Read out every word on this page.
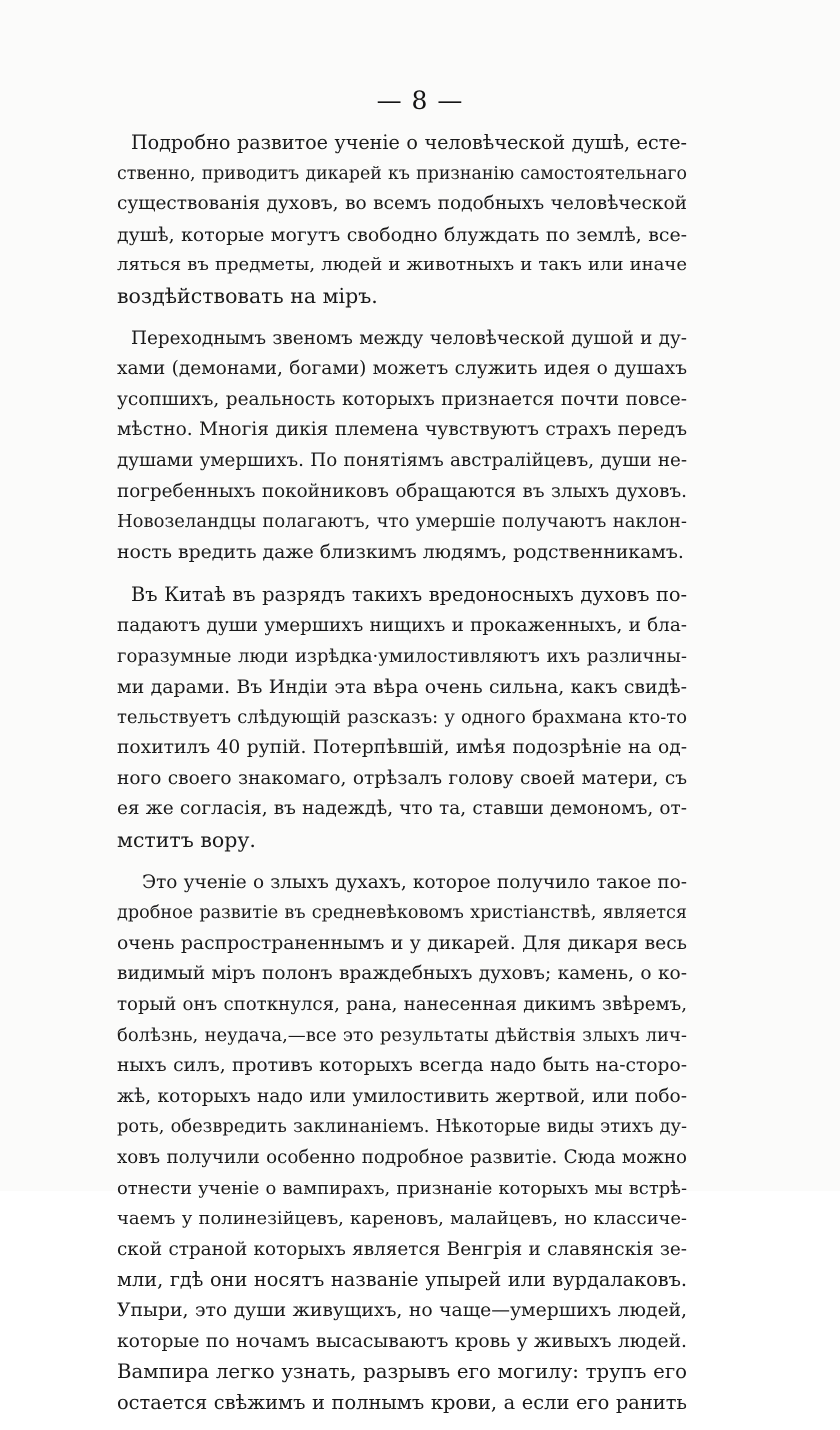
— 8 —
Подробно развитое ученіе о человѣческой душѣ, есте-
ственно, приводитъ дикарей къ признанію самостоятельнаго
существованія духовъ, во всемъ подобныхъ человѣческой
душѣ, которые могутъ свободно блуждать по землѣ, все-
ляться въ предметы, людей и животныхъ и такъ или иначе
воздѣйствовать на міръ.
Переходнымъ звеномъ между человѣческой душой и ду-
хами (демонами, богами) можетъ служить идея о душахъ
усопшихъ, реальность которыхъ признается почти повсе-
мѣстно. Многія дикія племена чувствуютъ страхъ передъ
душами умершихъ. По понятіямъ австралійцевъ, души не-
погребенныхъ покойниковъ обращаются въ злыхъ духовъ.
Новозеландцы полагаютъ, что умершіе получаютъ наклон-
ность вредить даже близкимъ людямъ, родственникамъ.
Въ Китаѣ въ разрядъ такихъ вредоносныхъ духовъ по-
падаютъ души умершихъ нищихъ и прокаженныхъ, и бла-
горазумные люди изрѣдка·умилостивляютъ ихъ различны-
ми дарами. Въ Индіи эта вѣра очень сильна, какъ свидѣ-
тельствуетъ слѣдующій разсказъ: у одного брахмана кто-то
похитилъ 40 рупій. Потерпѣвшій, имѣя подозрѣніе на од-
ного своего знакомаго, отрѣзалъ голову своей матери, съ
ея же согласія, въ надеждѣ, что та, ставши демономъ, от-
мститъ вору.
Это ученіе о злыхъ духахъ, которое получило такое по-
дробное развитіе въ средневѣковомъ христіанствѣ, является
очень распространеннымъ и у дикарей. Для дикаря весь
видимый міръ полонъ враждебныхъ духовъ; камень, о ко-
торый онъ споткнулся, рана, нанесенная дикимъ звѣремъ,
болѣзнь, неудача,—все это результаты дѣйствія злыхъ лич-
ныхъ силъ, противъ которыхъ всегда надо быть на-сторо-
жѣ, которыхъ надо или умилостивить жертвой, или побо-
роть, обезвредить заклинаніемъ. Нѣкоторые виды этихъ ду-
ховъ получили особенно подробное развитіе. Сюда можно
отнести ученіе о вампирахъ, признаніе которыхъ мы встрѣ-
чаемъ у полинезійцевъ, кареновъ, малайцевъ, но классиче-
ской страной которыхъ является Венгрія и славянскія зе-
мли, гдѣ они носятъ названіе упырей или вурдалаковъ.
Упыри, это души живущихъ, но чаще—умершихъ людей,
которые по ночамъ высасываютъ кровь у живыхъ людей.
Вампира легко узнать, разрывъ его могилу: трупъ его
остается свѣжимъ и полнымъ крови, а если его ранить
